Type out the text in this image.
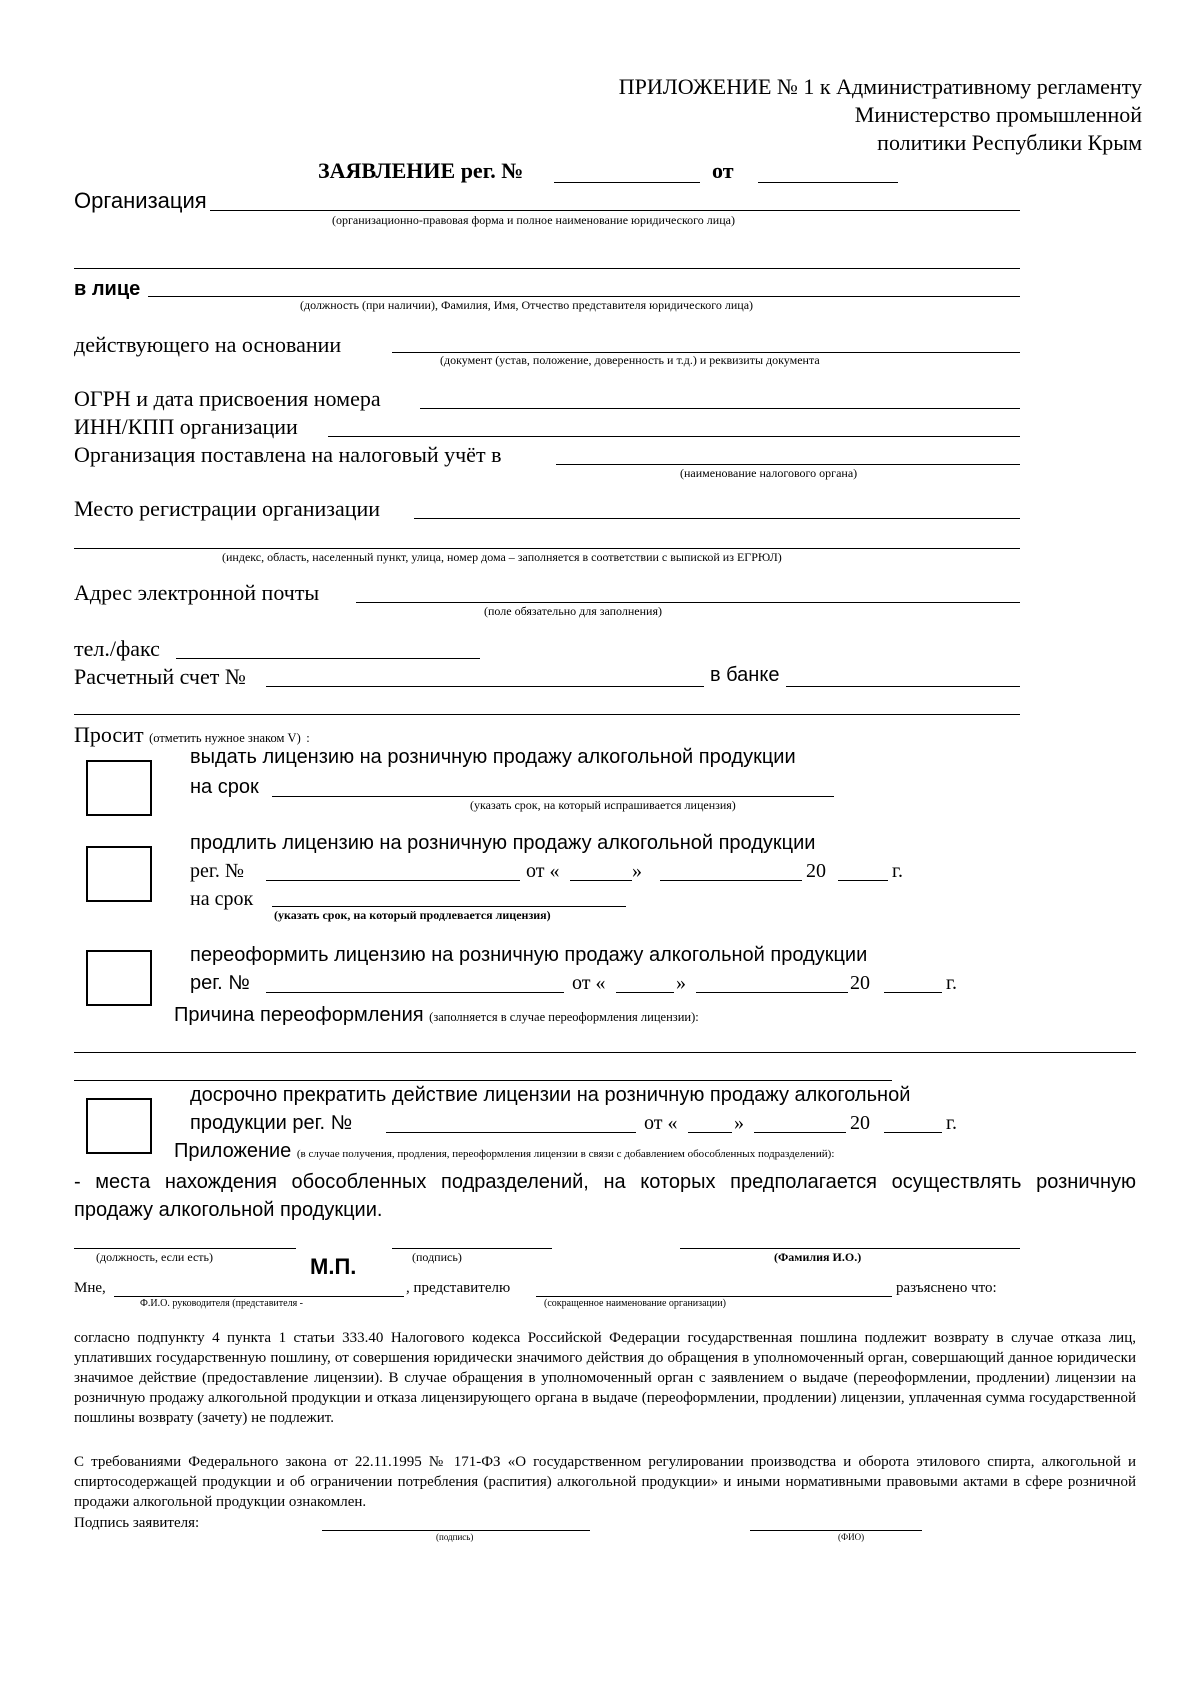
ПРИЛОЖЕНИЕ № 1 к Административному регламенту
Министерство промышленной
политики Республики Крым
ЗАЯВЛЕНИЕ рег. №	от
Организация
(организационно-правовая форма и полное наименование юридического лица)
в лице
(должность (при наличии), Фамилия, Имя, Отчество представителя юридического лица)
действующего на основании
(документ (устав, положение, доверенность и т.д.) и реквизиты документа
ОГРН и дата присвоения номера
ИНН/КПП организации
Организация поставлена на налоговый учёт в
(наименование налогового органа)
Место регистрации организации
(индекс, область, населенный пункт, улица, номер дома – заполняется в соответствии с выпиской из ЕГРЮЛ)
Адрес электронной почты
(поле обязательно для заполнения)
тел./факс
Расчетный счет №	в банке
Просит (отметить нужное знаком V) :
выдать лицензию на розничную продажу алкогольной продукции
на срок
(указать срок, на который испрашивается лицензия)
продлить лицензию на розничную продажу алкогольной продукции
рег. №	от «	»	20	г.
на срок
(указать срок, на который продлевается лицензия)
переоформить лицензию на розничную продажу алкогольной продукции
рег. №	от «	»	20	г.
Причина переоформления (заполняется в случае переоформления лицензии):
досрочно прекратить действие лицензии на розничную продажу алкогольной
продукции рег. №	от «	»	20	г.
Приложение (в случае получения, продления, переоформления лицензии в связи с добавлением обособленных подразделений):
- места нахождения обособленных подразделений, на которых предполагается осуществлять розничную продажу алкогольной продукции.
(должность, если есть)	М.П.	(подпись)	(Фамилия И.О.)
Мне,
Ф.И.О. руководителя (представителя -
, представителю
(сокращенное наименование организации)
разъяснено что:
согласно подпункту 4 пункта 1 статьи 333.40 Налогового кодекса Российской Федерации государственная пошлина подлежит возврату в случае отказа лиц, уплативших государственную пошлину, от совершения юридически значимого действия до обращения в уполномоченный орган, совершающий данное юридически значимое действие (предоставление лицензии). В случае обращения в уполномоченный орган с заявлением о выдаче (переоформлении, продлении) лицензии на розничную продажу алкогольной продукции и отказа лицензирующего органа в выдаче (переоформлении, продлении) лицензии, уплаченная сумма государственной пошлины возврату (зачету) не подлежит.
С требованиями Федерального закона от 22.11.1995 № 171-ФЗ «О государственном регулировании производства и оборота этилового спирта, алкогольной и спиртосодержащей продукции и об ограничении потребления (распития) алкогольной продукции» и иными нормативными правовыми актами в сфере розничной продажи алкогольной продукции ознакомлен.
Подпись заявителя:
(подпись)	(ФИО)
